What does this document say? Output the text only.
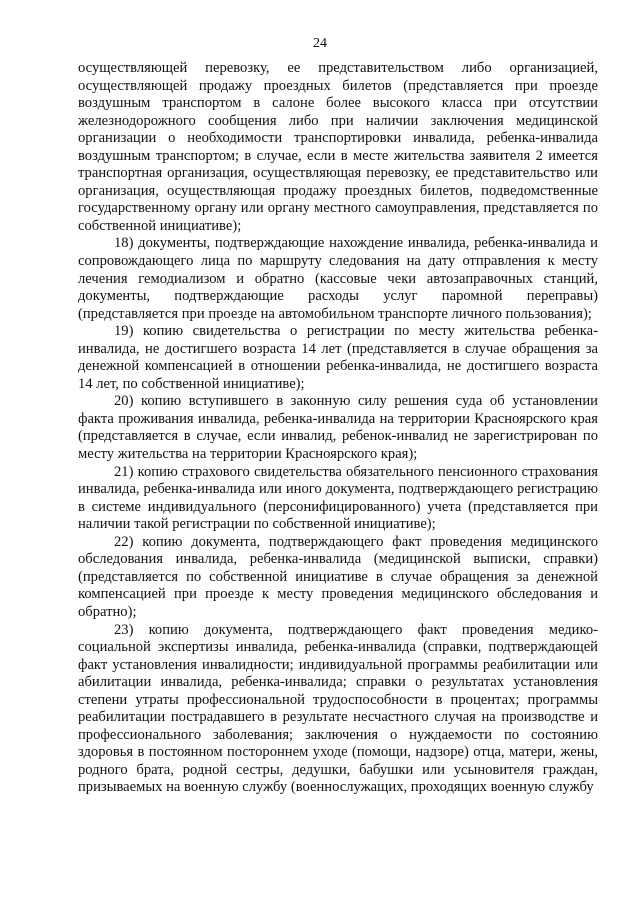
24

осуществляющей перевозку, ее представительством либо организацией, осуществляющей продажу проездных билетов (представляется при проезде воздушным транспортом в салоне более высокого класса при отсутствии железнодорожного сообщения либо при наличии заключения медицинской организации о необходимости транспортировки инвалида, ребенка-инвалида воздушным транспортом; в случае, если в месте жительства заявителя 2 имеется транспортная организация, осуществляющая перевозку, ее представительство или организация, осуществляющая продажу проездных билетов, подведомственные государственному органу или органу местного самоуправления, представляется по собственной инициативе);

18) документы, подтверждающие нахождение инвалида, ребенка-инвалида и сопровождающего лица по маршруту следования на дату отправления к месту лечения гемодиализом и обратно (кассовые чеки автозаправочных станций, документы, подтверждающие расходы услуг паромной переправы) (представляется при проезде на автомобильном транспорте личного пользования);

19) копию свидетельства о регистрации по месту жительства ребенка-инвалида, не достигшего возраста 14 лет (представляется в случае обращения за денежной компенсацией в отношении ребенка-инвалида, не достигшего возраста 14 лет, по собственной инициативе);

20) копию вступившего в законную силу решения суда об установлении факта проживания инвалида, ребенка-инвалида на территории Красноярского края (представляется в случае, если инвалид, ребенок-инвалид не зарегистрирован по месту жительства на территории Красноярского края);

21) копию страхового свидетельства обязательного пенсионного страхования инвалида, ребенка-инвалида или иного документа, подтверждающего регистрацию в системе индивидуального (персонифицированного) учета (представляется при наличии такой регистрации по собственной инициативе);

22) копию документа, подтверждающего факт проведения медицинского обследования инвалида, ребенка-инвалида (медицинской выписки, справки) (представляется по собственной инициативе в случае обращения за денежной компенсацией при проезде к месту проведения медицинского обследования и обратно);

23) копию документа, подтверждающего факт проведения медико-социальной экспертизы инвалида, ребенка-инвалида (справки, подтверждающей факт установления инвалидности; индивидуальной программы реабилитации или абилитации инвалида, ребенка-инвалида; справки о результатах установления степени утраты профессиональной трудоспособности в процентах; программы реабилитации пострадавшего в результате несчастного случая на производстве и профессионального заболевания; заключения о нуждаемости по состоянию здоровья в постоянном постороннем уходе (помощи, надзоре) отца, матери, жены, родного брата, родной сестры, дедушки, бабушки или усыновителя граждан, призываемых на военную службу (военнослужащих, проходящих военную службу
